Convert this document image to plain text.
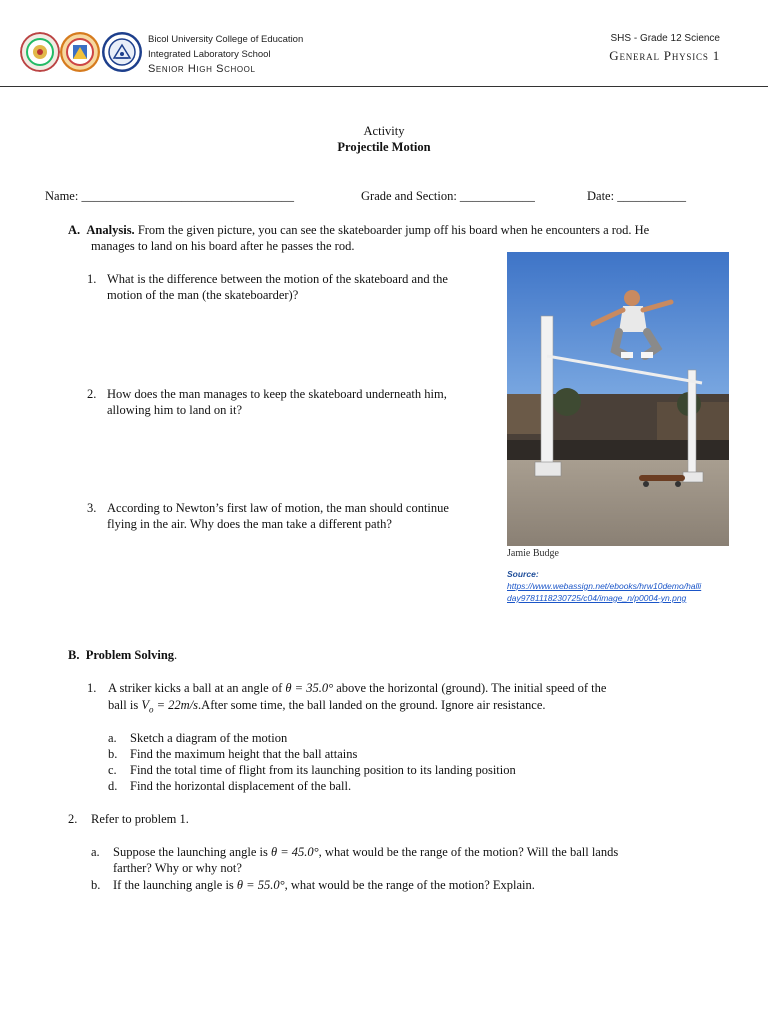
Bicol University College of Education
Integrated Laboratory School
Senior High School
SHS - Grade 12 Science
General Physics 1
Activity
Projectile Motion
Name: __________________________________	Grade and Section: ____________	Date: ___________
A. Analysis. From the given picture, you can see the skateboarder jump off his board when he encounters a rod. He
manages to land on his board after he passes the rod.
1. What is the difference between the motion of the skateboard and the
motion of the man (the skateboarder)?
2. How does the man manages to keep the skateboard underneath him,
allowing him to land on it?
3. According to Newton’s first law of motion, the man should continue
flying in the air. Why does the man take a different path?
Jamie Budge
Source:
https://www.webassign.net/ebooks/hrw10demo/halli
day9781118230725/c04/image_n/p0004-yn.png
B. Problem Solving.
1. A striker kicks a ball at an angle of θ = 35.0° above the horizontal (ground). The initial speed of the
ball is $V_o$ = 22m/s.After some time, the ball landed on the ground. Ignore air resistance.
a. Sketch a diagram of the motion
b. Find the maximum height that the ball attains
c. Find the total time of flight from its launching position to its landing position
d. Find the horizontal displacement of the ball.
2. Refer to problem 1.
a. Suppose the launching angle is θ = 45.0°, what would be the range of the motion? Will the ball lands
farther? Why or why not?
b. If the launching angle is θ = 55.0°, what would be the range of the motion? Explain.
